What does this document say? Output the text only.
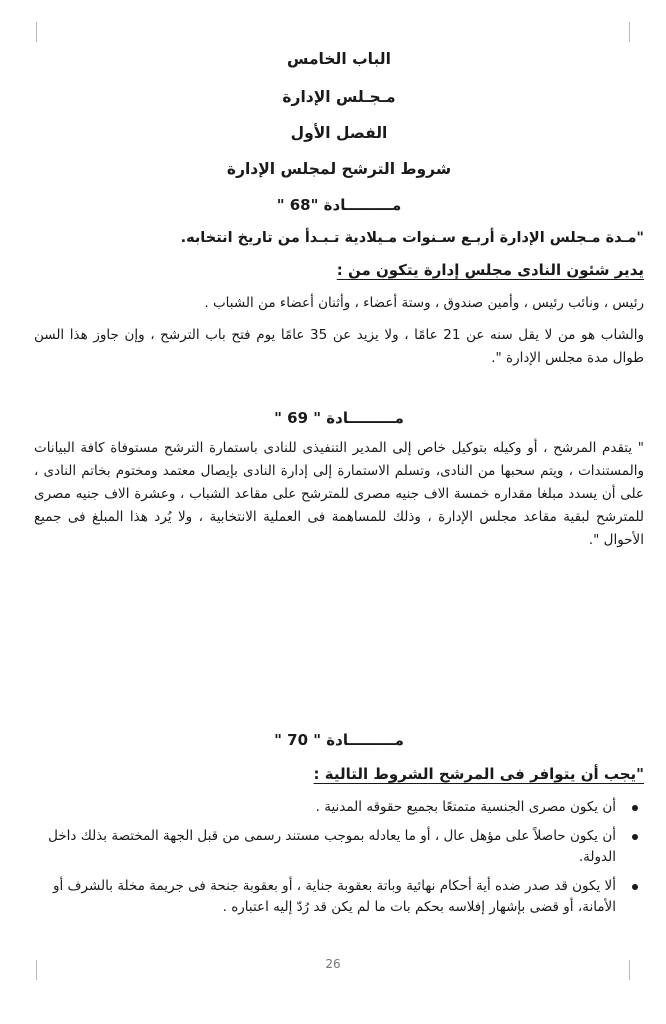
الباب الخامس
مـجـلس الإدارة
الفصل الأول
شروط الترشح لمجلس الإدارة
مـــــــــادة "68 "
"مـدة مـجلس الإدارة أربـع سـنوات مـيلادية تـبـدأ من تاريخ انتخابه.
يدير شئون النادى مجلس إدارة يتكون من :

رئيس ، ونائب رئيس ، وأمين صندوق ، وستة أعضاء ، وأثنان أعضاء من الشباب .

والشاب هو من لا يقل سنه عن 21 عامًا ، ولا يزيد عن 35 عامًا يوم فتح باب الترشح ، وإن جاوز هذا السن طوال مدة مجلس الإدارة ".

مـــــــــادة " 69 "

" يتقدم المرشح ، أو وكيله بتوكيل خاص إلى المدير التنفيذى للنادى باستمارة الترشح مستوفاة كافة البيانات والمستندات ، ويتم سحبها من النادى، وتسلم الاستمارة إلى إدارة النادى بإيصال معتمد ومختوم بخاتم النادى ، على أن يسدد مبلغا مقداره خمسة الاف جنيه مصرى للمترشح على مقاعد الشباب ، وعشرة الاف جنيه مصرى للمترشح لبقية مقاعد مجلس الإدارة ، وذلك للمساهمة فى العملية الانتخابية ، ولا يُرد هذا المبلغ فى جميع الأحوال ".

مـــــــــادة " 70 "
"يجب أن يتوافر فى المرشح الشروط التالية :
أن يكون مصرى الجنسية متمتعًا بجميع حقوقه المدنية .
أن يكون حاصلاً على مؤهل عال ، أو ما يعادله بموجب مستند رسمى من قبل الجهة المختصة بذلك داخل الدولة.
ألا يكون قد صدر ضده أية أحكام نهائية وباتة بعقوبة جناية ، أو بعقوبة جنحة فى جريمة مخلة بالشرف أو الأمانة، أو قضى بإشهار إفلاسه بحكم بات ما لم يكن قد رُدّ إليه اعتباره .
26
